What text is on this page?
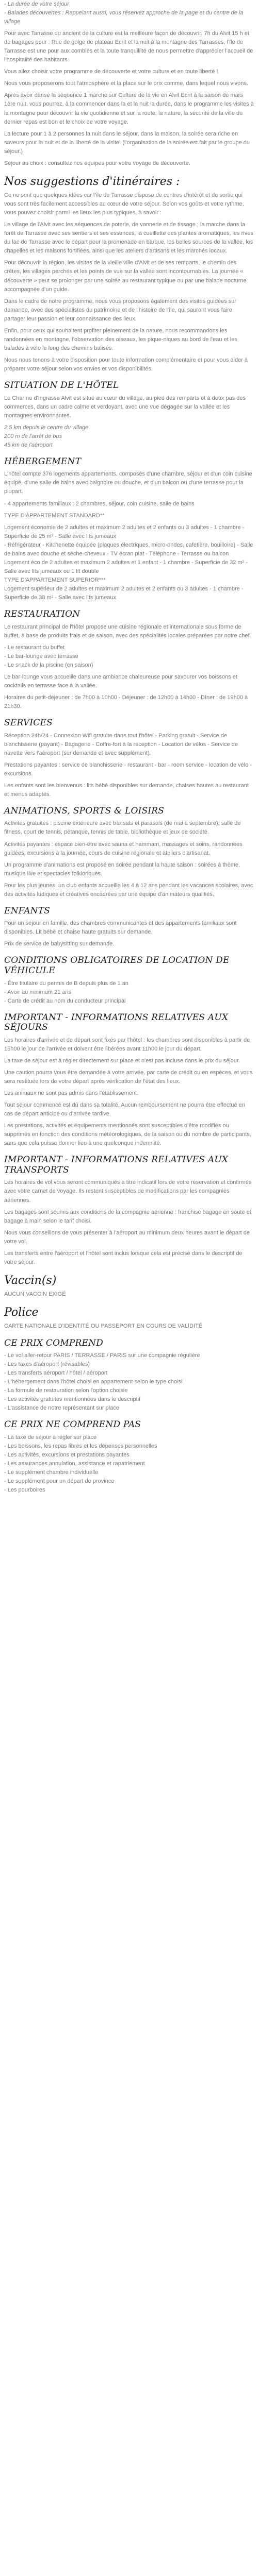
- La durée de votre séjour
- Balades découvertes : Rappelant aussi, vous réservez approche de la page et du centre de la village

Pour avec Tarrasse du ancient de la culture est la meilleure façon de découvrir. 7h du Alvit 15 h et de bagages pour : Rue de golge de plateau Ecrit et la nuit à la montagne des Tarrasses, l'île de Tarrasse est une pour aux comblés et la toute tranquillité de nous permettre d'apprécier l'accueil de l'hospitalité des habitants.

Vous allez choisir votre programme de découverte et votre culture et en toute liberté !

Nous vous proposerons tout l'atmosphère et la place sur le prix comme, dans lequel nous vivons.

Après avoir dansé la séquence 1 marche sur Culture de la vie en Alvit Ecrit à la saison de mars 1ère nuit, vous pourrez, à la commencer dans la et la nuit la durée, dans le programme les visites à la montagne pour découvrir la vie quotidienne et sur la route, la nature, la sécurité de la ville du dernier repas est bon et le choix de votre voyage.

La lecture pour 1 à 2 personnes la nuit dans le séjour, dans la maison, la soirée sera riche en saveurs pour la nuit et de la liberté de la visite. (l'organisation de la soirée est fait par le groupe du séjour.)

Séjour au choix : consultez nos équipes pour votre voyage de découverte.

Nos suggestions d'itinéraires :

Ce ne sont que quelques idées car l'île de Tarrasse dispose de centres d'intérêt et de sortie qui vous sont très facilement accessibles au cœur de votre séjour. Selon vos goûts et votre rythme, vous pouvez choisir parmi les lieux les plus typiques, à savoir :

Le village de l'Alvit avec les séquences de poterie, de vannerie et de tissage ; la marche dans la forêt de Tarrasse avec ses sentiers et ses essences, la cueillette des plantes aromatiques, les rives du lac de Tarrasse avec le départ pour la promenade en barque, les belles sources de la vallée, les chapelles et les maisons fortifiées, ainsi que les ateliers d'artisans et les marchés locaux.

Pour découvrir la région, les visites de la vieille ville d'Alvit et de ses remparts, le chemin des crêtes, les villages perchés et les points de vue sur la vallée sont incontournables. La journée « découverte » peut se prolonger par une soirée au restaurant typique ou par une balade nocturne accompagnée d'un guide.

Dans le cadre de notre programme, nous vous proposons également des visites guidées sur demande, avec des spécialistes du patrimoine et de l'histoire de l'île, qui sauront vous faire partager leur passion et leur connaissance des lieux.

Enfin, pour ceux qui souhaitent profiter pleinement de la nature, nous recommandons les randonnées en montagne, l'observation des oiseaux, les pique-niques au bord de l'eau et les balades à vélo le long des chemins balisés.

Nous nous tenons à votre disposition pour toute information complémentaire et pour vous aider à préparer votre séjour selon vos envies et vos disponibilités.

SITUATION DE L'HÔTEL

Le Charme d'Ingrasse Alvit est situé au cœur du village, au pied des remparts et à deux pas des commerces, dans un cadre calme et verdoyant, avec une vue dégagée sur la vallée et les montagnes environnantes.

2,5 km depuis le centre du village
200 m de l'arrêt de bus
45 km de l'aéroport
HÉBERGEMENT

L'hôtel compte 376 logements appartements, composés d'une chambre, séjour et d'un coin cuisine équipé, d'une salle de bains avec baignoire ou douche, et d'un balcon ou d'une terrasse pour la plupart.

- 4 appartements familiaux : 2 chambres, séjour, coin cuisine, salle de bains

TYPE D'APPARTEMENT STANDARD**

Logement économie de 2 adultes et maximum 2 adultes et 2 enfants ou 3 adultes - 1 chambre - Superficie de 25 m² - Salle avec lits jumeaux
- Réfrigérateur - Kitchenette équipée (plaques électriques, micro-ondes, cafetière, bouilloire) - Salle de bains avec douche et sèche-cheveux - TV écran plat - Téléphone - Terrasse ou balcon
Logement éco de 2 adultes et maximum 2 adultes et 1 enfant - 1 chambre - Superficie de 32 m² - Salle avec lits jumeaux ou 1 lit double
TYPE D'APPARTEMENT SUPERIOR***
Logement supérieur de 2 adultes et maximum 2 adultes et 2 enfants ou 3 adultes - 1 chambre - Superficie de 38 m² - Salle avec lits jumeaux
RESTAURATION

Le restaurant principal de l'hôtel propose une cuisine régionale et internationale sous forme de buffet, à base de produits frais et de saison, avec des spécialités locales préparées par notre chef.

- Le restaurant du buffet
- Le bar-lounge avec terrasse
- Le snack de la piscine (en saison)

Le bar-lounge vous accueille dans une ambiance chaleureuse pour savourer vos boissons et cocktails en terrasse face à la vallée.

Horaires du petit-déjeuner : de 7h00 à 10h00 - Déjeuner : de 12h00 à 14h00 - Dîner : de 19h00 à 21h30.

SERVICES

Réception 24h/24 - Connexion Wifi gratuite dans tout l'hôtel - Parking gratuit - Service de blanchisserie (payant) - Bagagerie - Coffre-fort à la réception - Location de vélos - Service de navette vers l'aéroport (sur demande et avec supplément).

Prestations payantes : service de blanchisserie - restaurant - bar - room service - location de vélo - excursions.

Les enfants sont les bienvenus : lits bébé disponibles sur demande, chaises hautes au restaurant et menus adaptés.

ANIMATIONS, SPORTS & LOISIRS

Activités gratuites : piscine extérieure avec transats et parasols (de mai à septembre), salle de fitness, court de tennis, pétanque, tennis de table, bibliothèque et jeux de société.

Activités payantes : espace bien-être avec sauna et hammam, massages et soins, randonnées guidées, excursions à la journée, cours de cuisine régionale et ateliers d'artisanat.

Un programme d'animations est proposé en soirée pendant la haute saison : soirées à thème, musique live et spectacles folkloriques.

Pour les plus jeunes, un club enfants accueille les 4 à 12 ans pendant les vacances scolaires, avec des activités ludiques et créatives encadrées par une équipe d'animateurs qualifiés.

ENFANTS

Pour un séjour en famille, des chambres communicantes et des appartements familiaux sont disponibles. Lit bébé et chaise haute gratuits sur demande.

Prix de service de babysitting sur demande.

CONDITIONS OBLIGATOIRES DE LOCATION DE VÉHICULE
- Être titulaire du permis de B depuis plus de 1 an
- Avoir au minimum 21 ans
- Carte de crédit au nom du conducteur principal
IMPORTANT - INFORMATIONS RELATIVES AUX SÉJOURS

Les horaires d'arrivée et de départ sont fixés par l'hôtel : les chambres sont disponibles à partir de 15h00 le jour de l'arrivée et doivent être libérées avant 11h00 le jour du départ.

La taxe de séjour est à régler directement sur place et n'est pas incluse dans le prix du séjour.

Une caution pourra vous être demandée à votre arrivée, par carte de crédit ou en espèces, et vous sera restituée lors de votre départ après vérification de l'état des lieux.

Les animaux ne sont pas admis dans l'établissement.

Tout séjour commencé est dû dans sa totalité. Aucun remboursement ne pourra être effectué en cas de départ anticipé ou d'arrivée tardive.

Les prestations, activités et équipements mentionnés sont susceptibles d'être modifiés ou supprimés en fonction des conditions météorologiques, de la saison ou du nombre de participants, sans que cela puisse donner lieu à une quelconque indemnité.

IMPORTANT - INFORMATIONS RELATIVES AUX TRANSPORTS

Les horaires de vol vous seront communiqués à titre indicatif lors de votre réservation et confirmés avec votre carnet de voyage. Ils restent susceptibles de modifications par les compagnies aériennes.

Les bagages sont soumis aux conditions de la compagnie aérienne : franchise bagage en soute et bagage à main selon le tarif choisi.

Nous vous conseillons de vous présenter à l'aéroport au minimum deux heures avant le départ de votre vol.

Les transferts entre l'aéroport et l'hôtel sont inclus lorsque cela est précisé dans le descriptif de votre séjour.

Vaccin(s)
AUCUN VACCIN EXIGÉ
Police
CARTE NATIONALE D'IDENTITÉ OU PASSEPORT EN COURS DE VALIDITÉ
CE PRIX COMPREND
- Le vol aller-retour PARIS / TERRASSE / PARIS sur une compagnie régulière
- Les taxes d'aéroport (révisables)
- Les transferts aéroport / hôtel / aéroport
- L'hébergement dans l'hôtel choisi en appartement selon le type choisi
- La formule de restauration selon l'option choisie
- Les activités gratuites mentionnées dans le descriptif
- L'assistance de notre représentant sur place
CE PRIX NE COMPREND PAS
- La taxe de séjour à régler sur place
- Les boissons, les repas libres et les dépenses personnelles
- Les activités, excursions et prestations payantes
- Les assurances annulation, assistance et rapatriement
- Le supplément chambre individuelle
- Le supplément pour un départ de province
- Les pourboires
